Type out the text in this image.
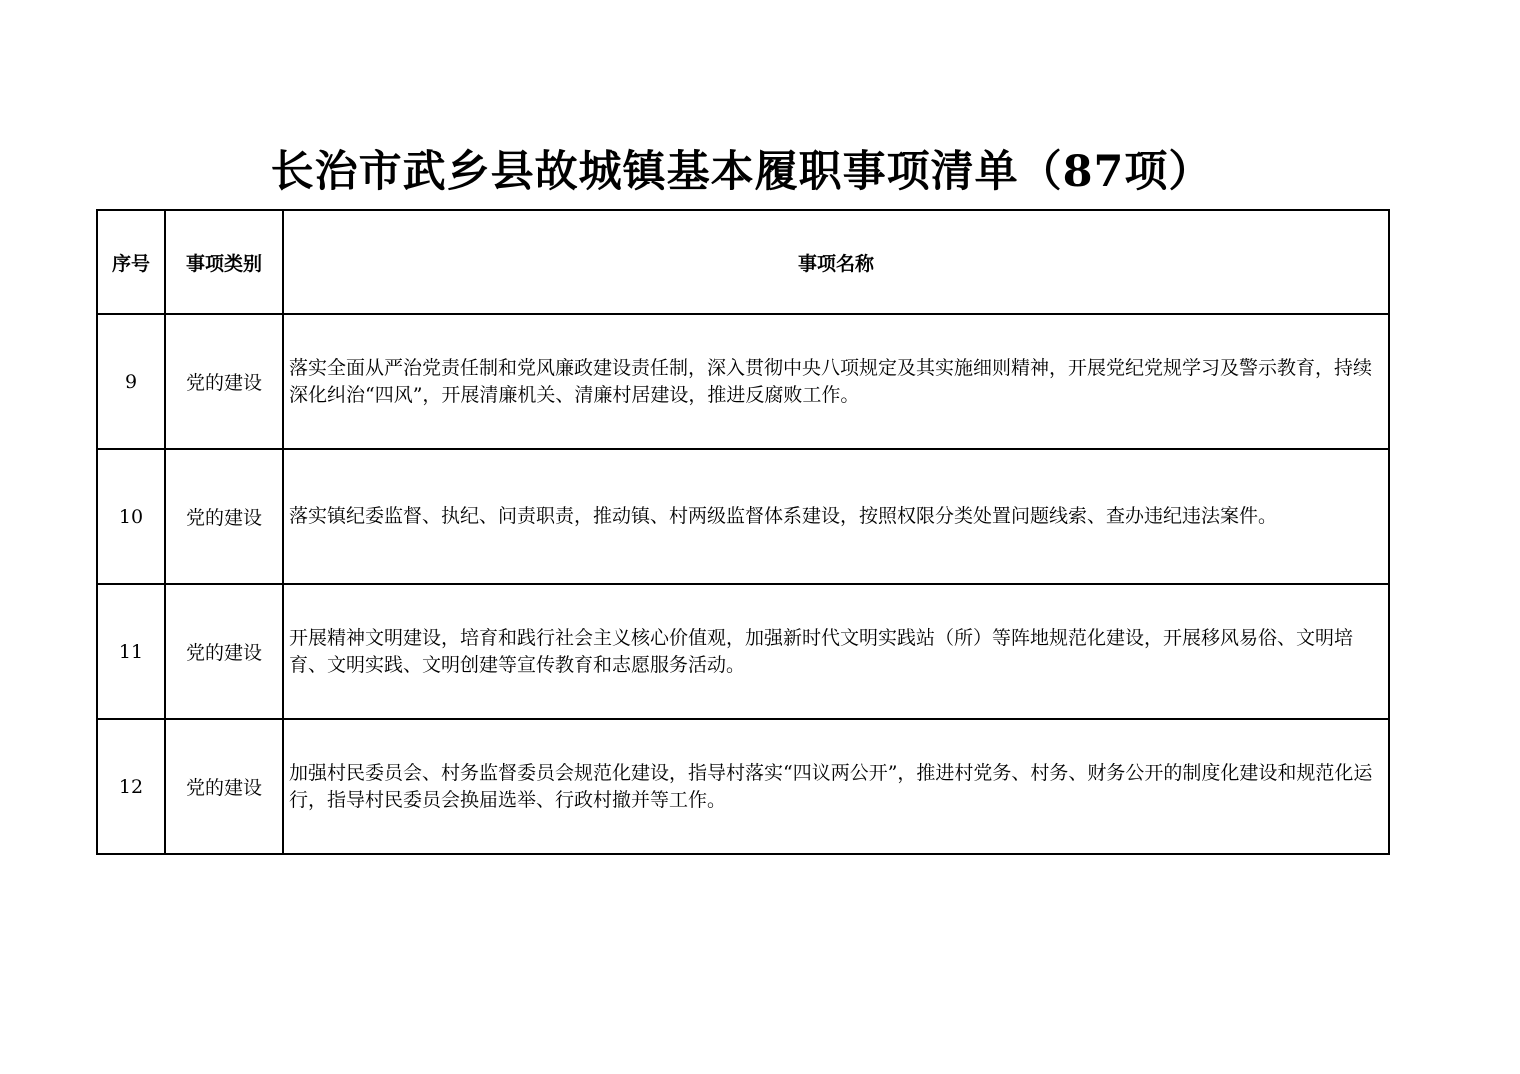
长治市武乡县故城镇基本履职事项清单（87项）
序号	事项类别	事项名称
9	党的建设	落实全面从严治党责任制和党风廉政建设责任制，深入贯彻中央八项规定及其实施细则精神，开展党纪党规学习及警示教育，持续深化纠治“四风”，开展清廉机关、清廉村居建设，推进反腐败工作。

10	党的建设	落实镇纪委监督、执纪、问责职责，推动镇、村两级监督体系建设，按照权限分类处置问题线索、查办违纪违法案件。

11	党的建设	开展精神文明建设，培育和践行社会主义核心价值观，加强新时代文明实践站（所）等阵地规范化建设，开展移风易俗、文明培育、文明实践、文明创建等宣传教育和志愿服务活动。

12	党的建设	加强村民委员会、村务监督委员会规范化建设，指导村落实“四议两公开”，推进村党务、村务、财务公开的制度化建设和规范化运行，指导村民委员会换届选举、行政村撤并等工作。
